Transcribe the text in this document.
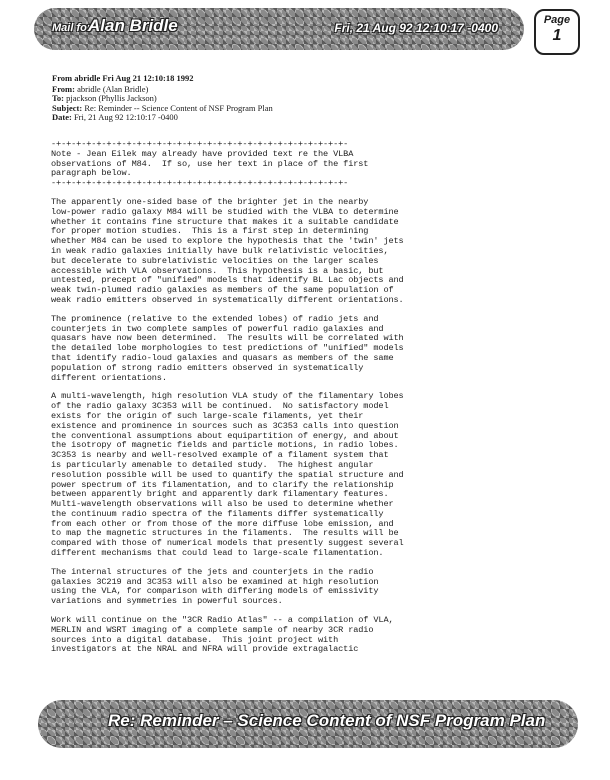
Mail for
Alan Bridle	Fri, 21 Aug 92 12:10:17 -0400
Page
1
From abridle Fri Aug 21 12:10:18 1992
From: abridle (Alan Bridle)
To: pjackson (Phyllis Jackson)
Subject: Re: Reminder -- Science Content of NSF Program Plan
Date: Fri, 21 Aug 92 12:10:17 -0400
-+-+-+-+-+-+-+-+-+-+-+-+-+-+-+-+-+-+-+-+-+-+-+-+-+-+-+-+-+-
Note - Jean Eilek may already have provided text re the VLBA
observations of M84.  If so, use her text in place of the first
paragraph below.
-+-+-+-+-+-+-+-+-+-+-+-+-+-+-+-+-+-+-+-+-+-+-+-+-+-+-+-+-+-
The apparently one-sided base of the brighter jet in the nearby
low-power radio galaxy M84 will be studied with the VLBA to determine
whether it contains fine structure that makes it a suitable candidate
for proper motion studies.  This is a first step in determining
whether M84 can be used to explore the hypothesis that the 'twin' jets
in weak radio galaxies initially have bulk relativistic velocities,
but decelerate to subrelativistic velocities on the larger scales
accessible with VLA observations.  This hypothesis is a basic, but
untested, precept of "unified" models that identify BL Lac objects and
weak twin-plumed radio galaxies as members of the same population of
weak radio emitters observed in systematically different orientations.
The prominence (relative to the extended lobes) of radio jets and
counterjets in two complete samples of powerful radio galaxies and
quasars have now been determined.  The results will be correlated with
the detailed lobe morphologies to test predictions of "unified" models
that identify radio-loud galaxies and quasars as members of the same
population of strong radio emitters observed in systematically
different orientations.
A multi-wavelength, high resolution VLA study of the filamentary lobes
of the radio galaxy 3C353 will be continued.  No satisfactory model
exists for the origin of such large-scale filaments, yet their
existence and prominence in sources such as 3C353 calls into question
the conventional assumptions about equipartition of energy, and about
the isotropy of magnetic fields and particle motions, in radio lobes.
3C353 is nearby and well-resolved example of a filament system that
is particularly amenable to detailed study.  The highest angular
resolution possible will be used to quantify the spatial structure and
power spectrum of its filamentation, and to clarify the relationship
between apparently bright and apparently dark filamentary features.
Multi-wavelength observations will also be used to determine whether
the continuum radio spectra of the filaments differ systematically
from each other or from those of the more diffuse lobe emission, and
to map the magnetic structures in the filaments.  The results will be
compared with those of numerical models that presently suggest several
different mechanisms that could lead to large-scale filamentation.
The internal structures of the jets and counterjets in the radio
galaxies 3C219 and 3C353 will also be examined at high resolution
using the VLA, for comparison with differing models of emissivity
variations and symmetries in powerful sources.
Work will continue on the "3CR Radio Atlas" -- a compilation of VLA,
MERLIN and WSRT imaging of a complete sample of nearby 3CR radio
sources into a digital database.  This joint project with
investigators at the NRAL and NFRA will provide extragalactic
Re: Reminder – Science Content of NSF Program Plan
